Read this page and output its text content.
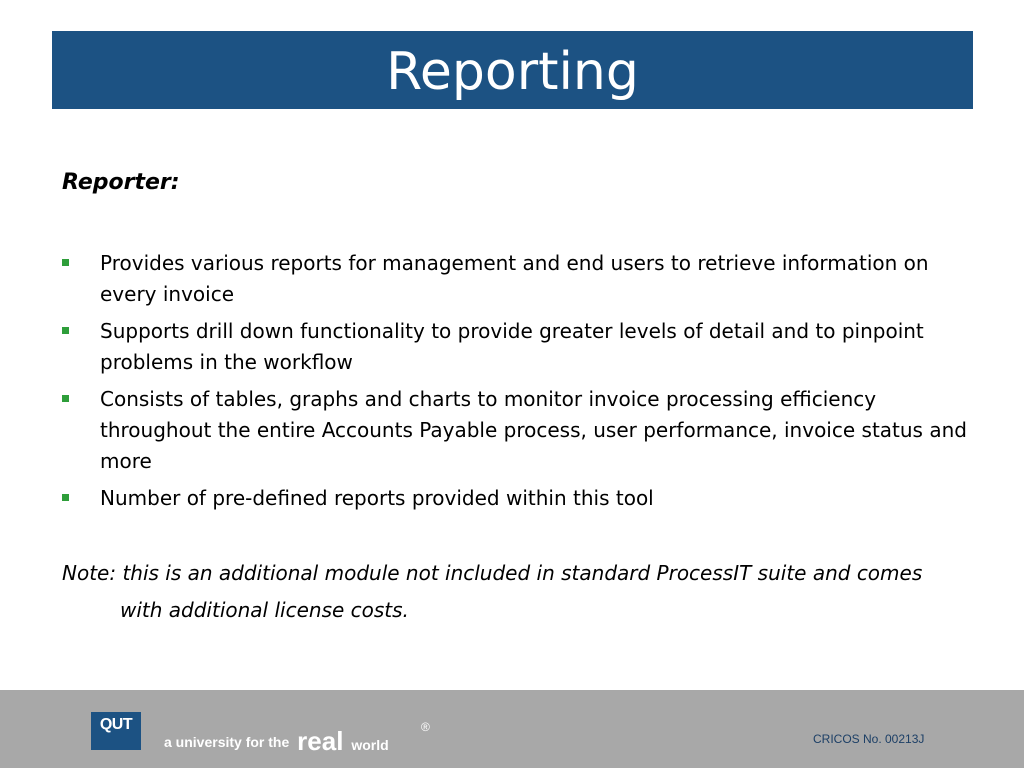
Reporting
Reporter:
Provides various reports for management and end users to retrieve information on every invoice
Supports drill down functionality to provide greater levels of detail and to pinpoint problems in the workflow
Consists of tables, graphs and charts to monitor invoice processing efficiency throughout the entire Accounts Payable process, user performance, invoice status and more
Number of pre-defined reports provided within this tool
Note: this is an additional module not included in standard ProcessIT suite and comes
with additional license costs.
QUT
a university for the real world
®
CRICOS No. 00213J
